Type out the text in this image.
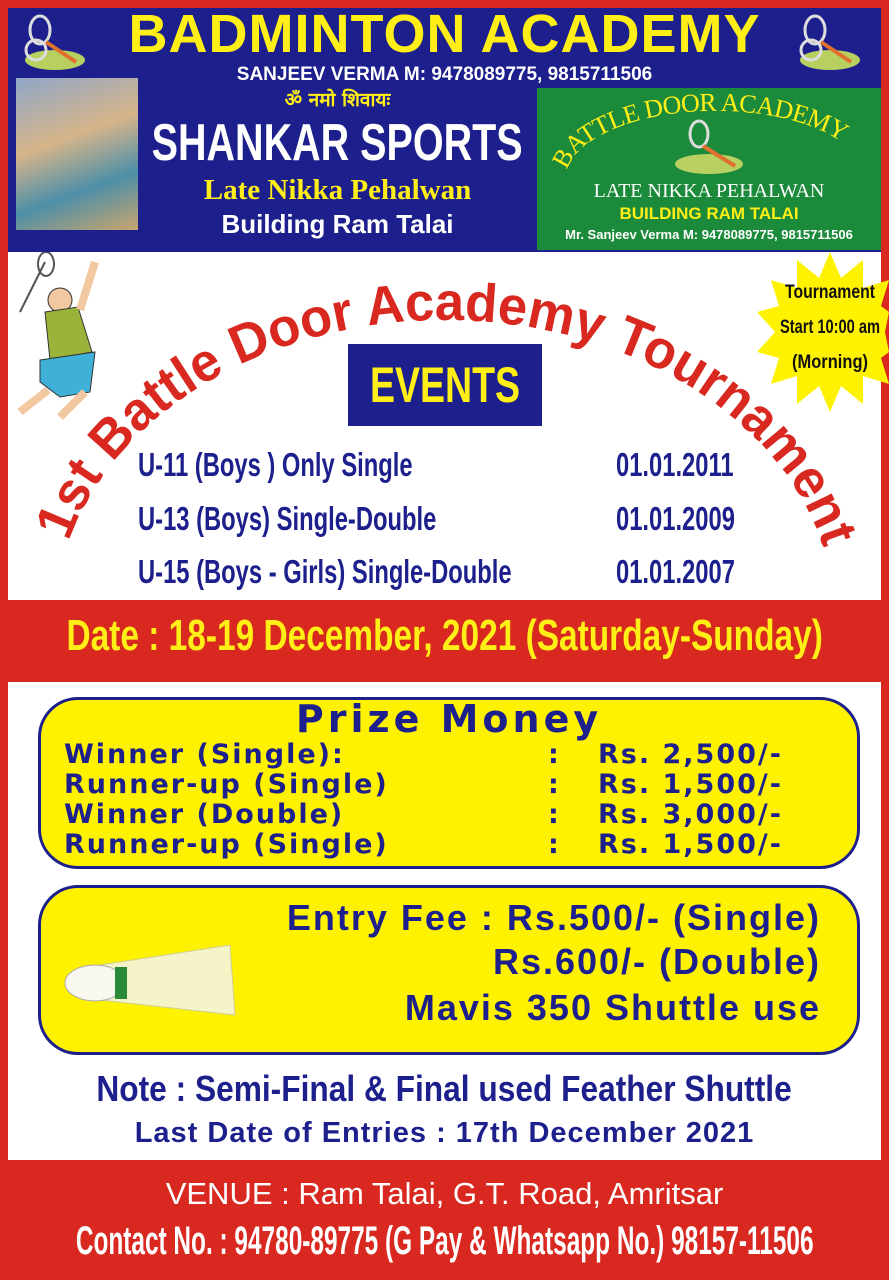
BADMINTON ACADEMY
SANJEEV VERMA M: 9478089775, 9815711506
ॐ नमो शिवायः
SHANKAR SPORTS
Late Nikka Pehalwan
Building Ram Talai
BATTLE DOOR ACADEMY
LATE NIKKA PEHALWAN
BUILDING RAM TALAI
Mr. Sanjeev Verma M: 9478089775, 9815711506
Tournament
Start 10:00 am
(Morning)
1st Battle Door Academy Tournament
EVENTS
U-11 (Boys ) Only Single	01.01.2011
U-13 (Boys) Single-Double	01.01.2009
U-15 (Boys - Girls) Single-Double	01.01.2007
Date : 18-19 December, 2021 (Saturday-Sunday)
Prize Money
Winner (Single):	: Rs. 2,500/-
Runner-up (Single)	: Rs. 1,500/-
Winner (Double)	: Rs. 3,000/-
Runner-up (Single)	: Rs. 1,500/-
Entry Fee : Rs.500/- (Single)
Rs.600/- (Double)
Mavis 350 Shuttle use
Note : Semi-Final & Final used Feather Shuttle
Last Date of Entries : 17th December 2021
VENUE : Ram Talai, G.T. Road, Amritsar
Contact No. : 94780-89775 (G Pay & Whatsapp No.) 98157-11506
